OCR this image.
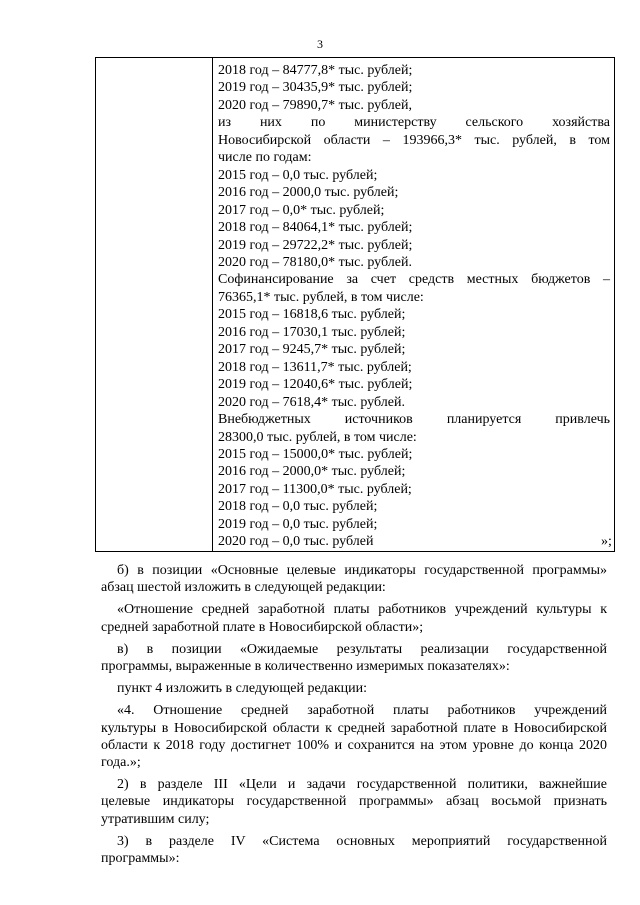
3

2018 год – 84777,8* тыс. рублей;
2019 год – 30435,9* тыс. рублей;
2020 год – 79890,7* тыс. рублей,
из них по министерству сельского хозяйства
Новосибирской области – 193966,3* тыс. рублей, в том
числе по годам:
2015 год – 0,0 тыс. рублей;
2016 год – 2000,0 тыс. рублей;
2017 год – 0,0* тыс. рублей;
2018 год – 84064,1* тыс. рублей;
2019 год – 29722,2* тыс. рублей;
2020 год – 78180,0* тыс. рублей.
Софинансирование за счет средств местных бюджетов –
76365,1* тыс. рублей, в том числе:
2015 год – 16818,6 тыс. рублей;
2016 год – 17030,1 тыс. рублей;
2017 год – 9245,7* тыс. рублей;
2018 год – 13611,7* тыс. рублей;
2019 год – 12040,6* тыс. рублей;
2020 год – 7618,4* тыс. рублей.
Внебюджетных источников планируется привлечь
28300,0 тыс. рублей, в том числе:
2015 год – 15000,0* тыс. рублей;
2016 год – 2000,0* тыс. рублей;
2017 год – 11300,0* тыс. рублей;
2018 год – 0,0 тыс. рублей;
2019 год – 0,0 тыс. рублей;
2020 год – 0,0 тыс. рублей	»;
б) в позиции «Основные целевые индикаторы государственной программы»
абзац шестой изложить в следующей редакции:
«Отношение средней заработной платы работников учреждений культуры к
средней заработной плате в Новосибирской области»;
в) в позиции «Ожидаемые результаты реализации государственной
программы, выраженные в количественно измеримых показателях»:
пункт 4 изложить в следующей редакции:
«4. Отношение средней заработной платы работников учреждений
культуры в Новосибирской области к средней заработной плате в Новосибирской
области к 2018 году достигнет 100% и сохранится на этом уровне до конца 2020
года.»;
2) в разделе III «Цели и задачи государственной политики, важнейшие
целевые индикаторы государственной программы» абзац восьмой признать
утратившим силу;
3) в разделе IV «Система основных мероприятий государственной
программы»:
